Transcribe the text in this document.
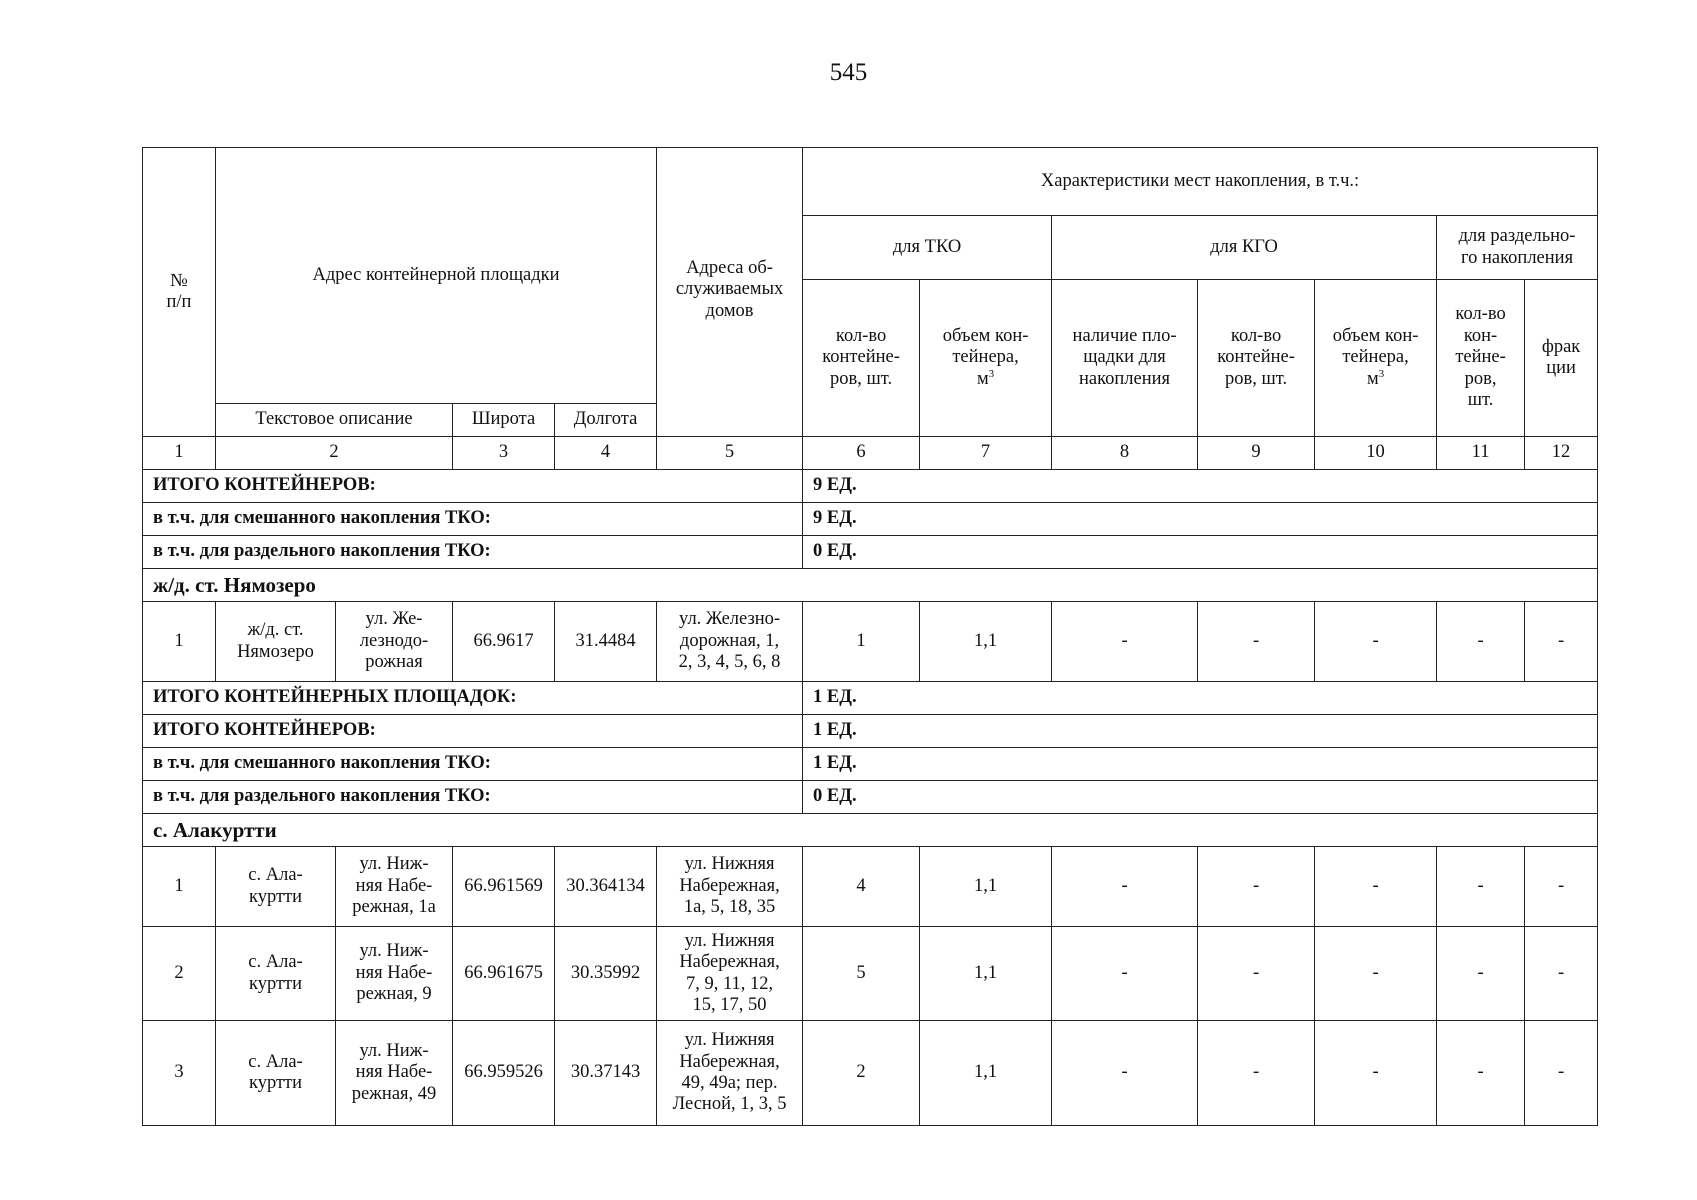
545
№
п/п	Адрес контейнерной площадки				Адреса об-
служиваемых
домов	Характеристики мест накопления, в т.ч.:						
						для ТКО		для КГО			для раздельно-
го накопления	
						кол-во
контейне-
ров, шт.	объем кон-
тейнера,
$м^3$	наличие пло-
щадки для
накопления	кол-во
контейне-
ров, шт.	объем кон-
тейнера,
$м^3$	кол-во
кон-
тейне-
ров,
шт.	фрак
ции
	Текстовое описание		Широта	Долгота								
1	2		3	4	5	6	7	8	9	10	11	12
ИТОГО КОНТЕЙНЕРОВ:						9 ЕД.						
в т.ч. для смешанного накопления ТКО:						9 ЕД.						
в т.ч. для раздельного накопления ТКО:						0 ЕД.						
ж/д. ст. Нямозеро												
1	ж/д. ст.
Нямозеро	ул. Же-
лезнодо-
рожная	66.9617	31.4484	ул. Железно-
дорожная, 1,
2, 3, 4, 5, 6, 8	1	1,1	-	-	-	-	-
ИТОГО КОНТЕЙНЕРНЫХ ПЛОЩАДОК:						1 ЕД.						
ИТОГО КОНТЕЙНЕРОВ:						1 ЕД.						
в т.ч. для смешанного накопления ТКО:						1 ЕД.						
в т.ч. для раздельного накопления ТКО:						0 ЕД.						
с. Алакуртти												
1	с. Ала-
куртти	ул. Ниж-
няя Набе-
режная, 1а	66.961569	30.364134	ул. Нижняя
Набережная,
1а, 5, 18, 35	4	1,1	-	-	-	-	-
2	с. Ала-
куртти	ул. Ниж-
няя Набе-
режная, 9	66.961675	30.35992	ул. Нижняя
Набережная,
7, 9, 11, 12,
15, 17, 50	5	1,1	-	-	-	-	-
3	с. Ала-
куртти	ул. Ниж-
няя Набе-
режная, 49	66.959526	30.37143	ул. Нижняя
Набережная,
49, 49а; пер.
Лесной, 1, 3, 5	2	1,1	-	-	-	-	-
